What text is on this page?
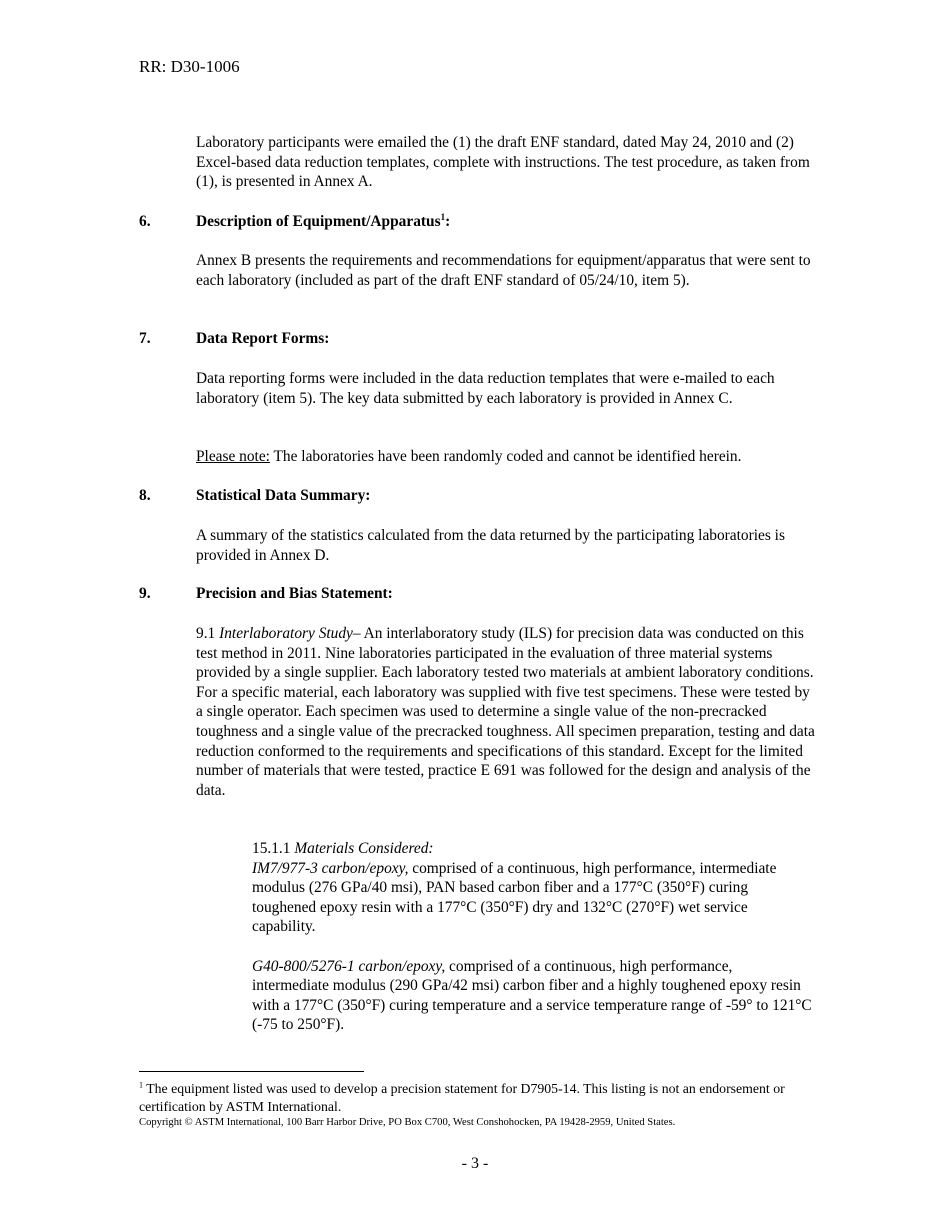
RR: D30-1006
Laboratory participants were emailed the (1) the draft ENF standard, dated May 24, 2010 and (2) Excel-based data reduction templates, complete with instructions. The test procedure, as taken from (1), is presented in Annex A.
6.	Description of Equipment/Apparatus$^1$:
Annex B presents the requirements and recommendations for equipment/apparatus that were sent to each laboratory (included as part of the draft ENF standard of 05/24/10, item 5).
7.	Data Report Forms:
Data reporting forms were included in the data reduction templates that were e-mailed to each laboratory (item 5). The key data submitted by each laboratory is provided in Annex C.
Please note: The laboratories have been randomly coded and cannot be identified herein.
8.	Statistical Data Summary:
A summary of the statistics calculated from the data returned by the participating laboratories is provided in Annex D.
9.	Precision and Bias Statement:
9.1 Interlaboratory Study– An interlaboratory study (ILS) for precision data was conducted on this test method in 2011. Nine laboratories participated in the evaluation of three material systems provided by a single supplier. Each laboratory tested two materials at ambient laboratory conditions. For a specific material, each laboratory was supplied with five test specimens. These were tested by a single operator. Each specimen was used to determine a single value of the non-precracked toughness and a single value of the precracked toughness. All specimen preparation, testing and data reduction conformed to the requirements and specifications of this standard. Except for the limited number of materials that were tested, practice E 691 was followed for the design and analysis of the data.
15.1.1 Materials Considered:
IM7/977-3 carbon/epoxy, comprised of a continuous, high performance, intermediate modulus (276 GPa/40 msi), PAN based carbon fiber and a 177°C (350°F) curing toughened epoxy resin with a 177°C (350°F) dry and 132°C (270°F) wet service capability.
G40-800/5276-1 carbon/epoxy, comprised of a continuous, high performance, intermediate modulus (290 GPa/42 msi) carbon fiber and a highly toughened epoxy resin with a 177°C (350°F) curing temperature and a service temperature range of -59° to 121°C (-75 to 250°F).
$^1$ The equipment listed was used to develop a precision statement for D7905-14. This listing is not an endorsement or certification by ASTM International.
Copyright © ASTM International, 100 Barr Harbor Drive, PO Box C700, West Conshohocken, PA 19428-2959, United States.
- 3 -
